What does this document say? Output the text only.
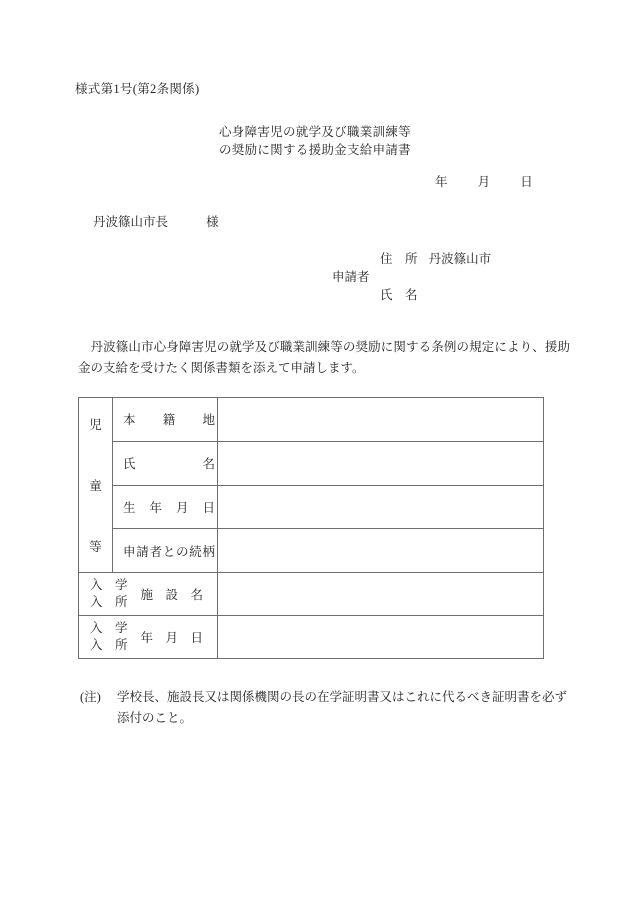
様式第1号(第2条関係)
心身障害児の就学及び職業訓練等
の奨励に関する援助金支給申請書
年 月 日
丹波篠山市長	様
住　所 丹波篠山市
申請者
氏　名

丹波篠山市心身障害児の就学及び職業訓練等の奨励に関する条例の規定により、援助金の支給を受けたく関係書類を添えて申請します。

児
童
等	本籍地	

	氏名	

	生年月日	

	申請者との続柄	

入　学
入　所 施　設　名		

入　学
入　所 年　月　日		

(注)	学校長、施設長又は関係機関の長の在学証明書又はこれに代るべき証明書を必ず添付のこと。
